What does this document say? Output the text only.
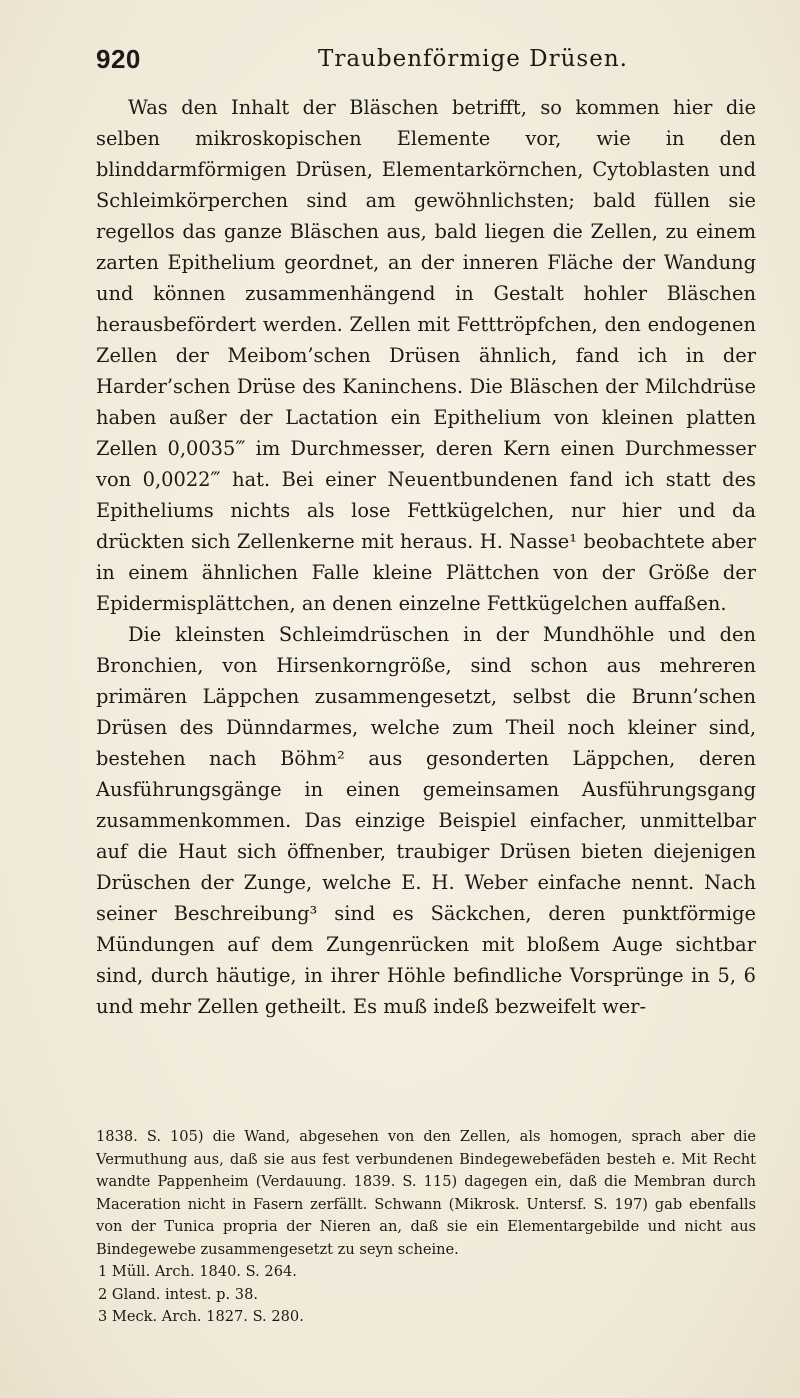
920	Traubenförmige Drüsen.

Was den Inhalt der Bläschen betrifft, so kommen hier die selben mikroskopischen Elemente vor, wie in den blinddarmförmigen Drüsen, Elementarkörnchen, Cytoblasten und Schleimkörperchen sind am gewöhnlichsten; bald füllen sie regellos das ganze Bläschen aus, bald liegen die Zellen, zu einem zarten Epithelium geordnet, an der inneren Fläche der Wandung und können zusammenhängend in Gestalt hohler Bläschen herausbefördert werden. Zellen mit Fetttröpfchen, den endogenen Zellen der Meibom’schen Drüsen ähnlich, fand ich in der Harder’schen Drüse des Kaninchens. Die Bläschen der Milchdrüse haben außer der Lactation ein Epithelium von kleinen platten Zellen 0,0035‴ im Durchmesser, deren Kern einen Durchmesser von 0,0022‴ hat. Bei einer Neuentbundenen fand ich statt des Epitheliums nichts als lose Fettkügelchen, nur hier und da drückten sich Zellenkerne mit heraus. H. Nasse¹ beobachtete aber in einem ähnlichen Falle kleine Plättchen von der Größe der Epidermisplättchen, an denen einzelne Fettkügelchen auffaßen.

Die kleinsten Schleimdrüschen in der Mundhöhle und den Bronchien, von Hirsenkorngröße, sind schon aus mehreren primären Läppchen zusammengesetzt, selbst die Brunn’schen Drüsen des Dünndarmes, welche zum Theil noch kleiner sind, bestehen nach Böhm² aus gesonderten Läppchen, deren Ausführungsgänge in einen gemeinsamen Ausführungsgang zusammenkommen. Das einzige Beispiel einfacher, unmittelbar auf die Haut sich öffnenber, traubiger Drüsen bieten diejenigen Drüschen der Zunge, welche E. H. Weber einfache nennt. Nach seiner Beschreibung³ sind es Säckchen, deren punktförmige Mündungen auf dem Zungenrücken mit bloßem Auge sichtbar sind, durch häutige, in ihrer Höhle befindliche Vorsprünge in 5, 6 und mehr Zellen getheilt. Es muß indeß bezweifelt wer-

1838. S. 105) die Wand, abgesehen von den Zellen, als homogen, sprach aber die Vermuthung aus, daß sie aus fest verbundenen Bindegewebefäden besteh e. Mit Recht wandte Pappenheim (Verdauung. 1839. S. 115) dagegen ein, daß die Membran durch Maceration nicht in Fasern zerfällt. Schwann (Mikrosk. Untersf. S. 197) gab ebenfalls von der Tunica propria der Nieren an, daß sie ein Elementargebilde und nicht aus Bindegewebe zusammengesetzt zu seyn scheine.

1 Müll. Arch. 1840. S. 264.

2 Gland. intest. p. 38.

3 Meck. Arch. 1827. S. 280.
